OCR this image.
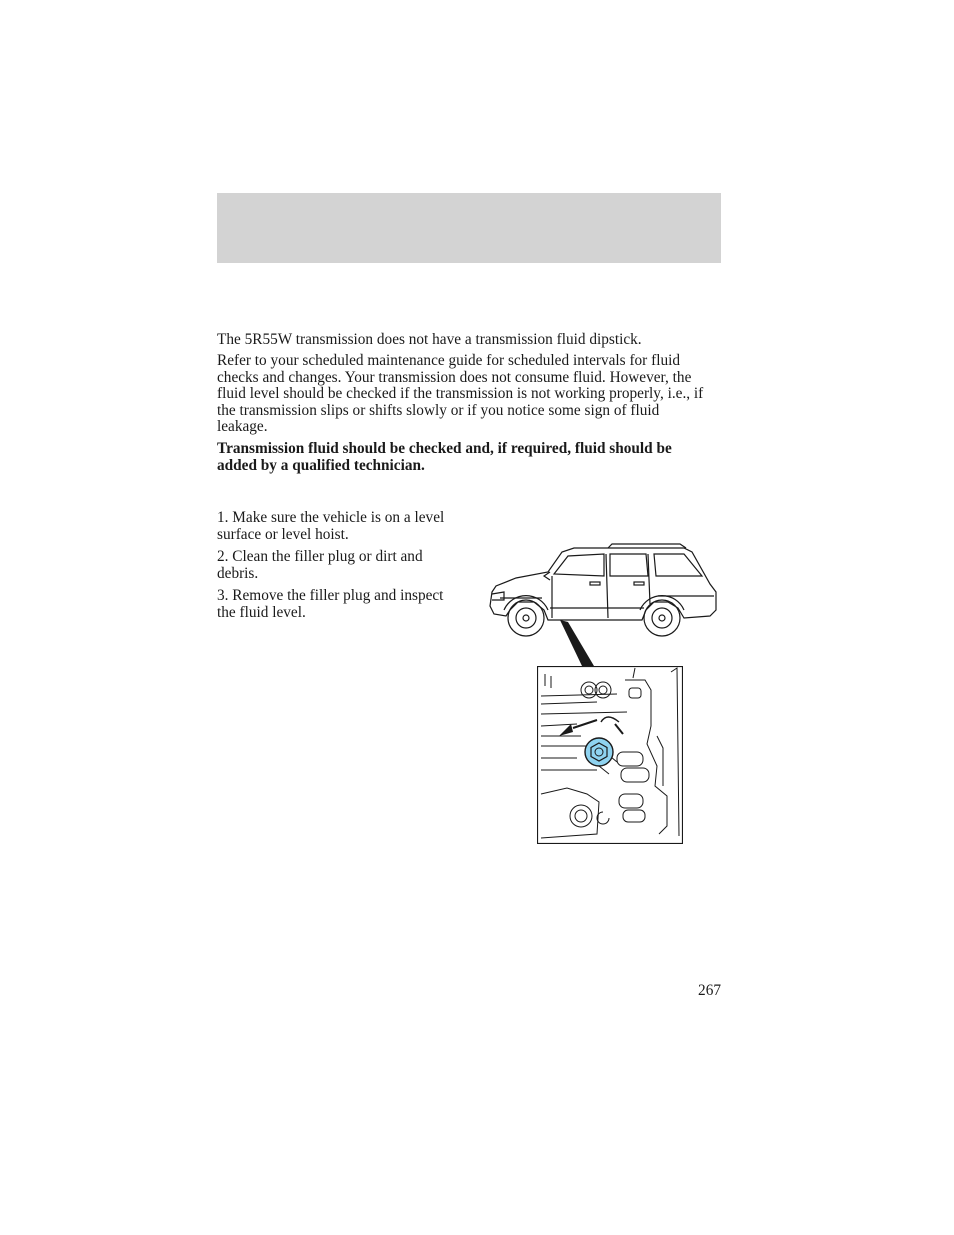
The 5R55W transmission does not have a transmission fluid dipstick.
Refer to your scheduled maintenance guide for scheduled intervals for fluid checks and changes. Your transmission does not consume fluid. However, the fluid level should be checked if the transmission is not working properly, i.e., if the transmission slips or shifts slowly or if you notice some sign of fluid leakage.
Transmission fluid should be checked and, if required, fluid should be added by a qualified technician.
1. Make sure the vehicle is on a level surface or level hoist.
2. Clean the filler plug or dirt and debris.
3. Remove the filler plug and inspect the fluid level.
267
